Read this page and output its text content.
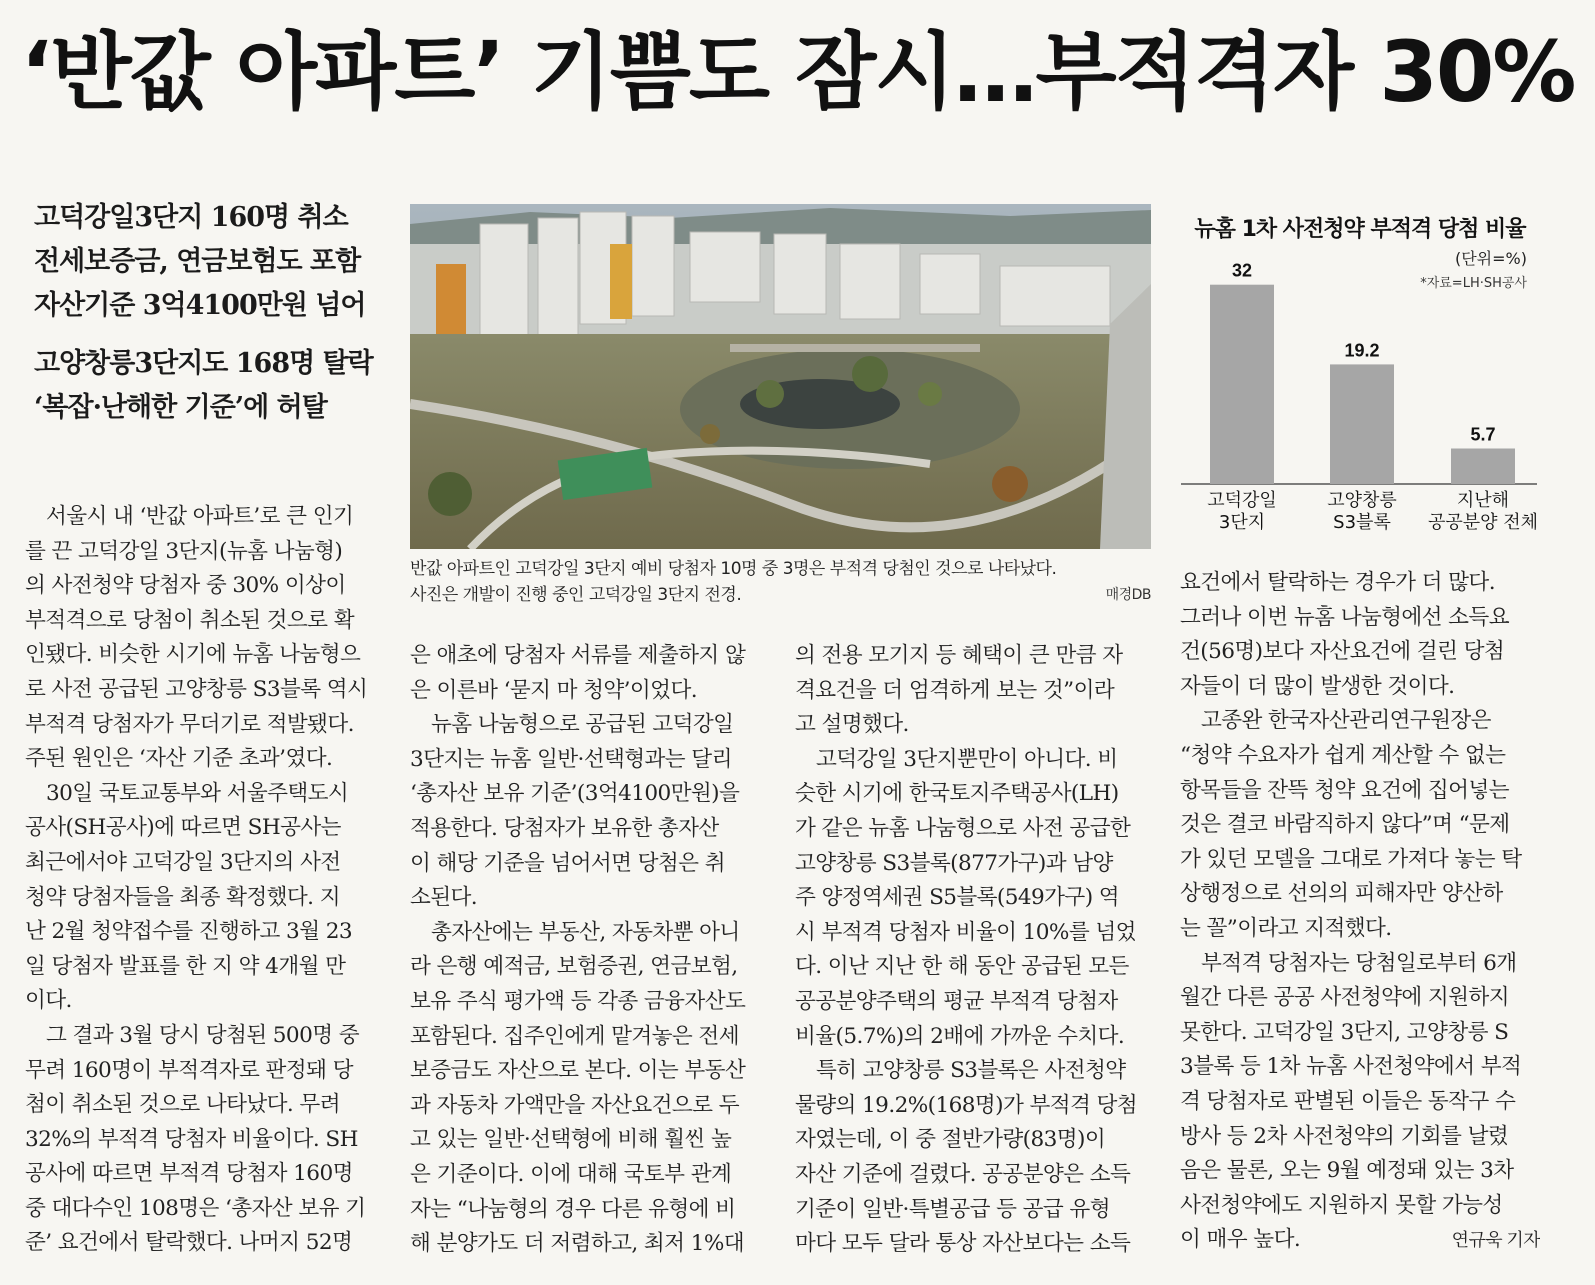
‘반값 아파트’ 기쁨도 잠시…부적격자 30%
고덕강일3단지 160명 취소
전세보증금, 연금보험도 포함
자산기준 3억4100만원 넘어
고양창릉3단지도 168명 탈락
‘복잡·난해한 기준’에 허탈
　서울시 내 ‘반값 아파트’로 큰 인기
를 끈 고덕강일 3단지(뉴홈 나눔형)
의 사전청약 당첨자 중 30% 이상이
부적격으로 당첨이 취소된 것으로 확
인됐다. 비슷한 시기에 뉴홈 나눔형으
로 사전 공급된 고양창릉 S3블록 역시
부적격 당첨자가 무더기로 적발됐다.
주된 원인은 ‘자산 기준 초과’였다.
　30일 국토교통부와 서울주택도시
공사(SH공사)에 따르면 SH공사는
최근에서야 고덕강일 3단지의 사전
청약 당첨자들을 최종 확정했다. 지
난 2월 청약접수를 진행하고 3월 23
일 당첨자 발표를 한 지 약 4개월 만
이다.
　그 결과 3월 당시 당첨된 500명 중
무려 160명이 부적격자로 판정돼 당
첨이 취소된 것으로 나타났다. 무려
32%의 부적격 당첨자 비율이다. SH
공사에 따르면 부적격 당첨자 160명
중 대다수인 108명은 ‘총자산 보유 기
준’ 요건에서 탈락했다. 나머지 52명
반값 아파트인 고덕강일 3단지 예비 당첨자 10명 중 3명은 부적격 당첨인 것으로 나타났다.
사진은 개발이 진행 중인 고덕강일 3단지 전경.	매경DB
뉴홈 1차 사전청약 부적격 당첨 비율
(단위=%)
*자료=LH·SH공사
32
고덕강일
3단지
19.2
고양창릉
S3블록
5.7
지난해
공공분양 전체
은 애초에 당첨자 서류를 제출하지 않
은 이른바 ‘묻지 마 청약’이었다.
　뉴홈 나눔형으로 공급된 고덕강일
3단지는 뉴홈 일반·선택형과는 달리
‘총자산 보유 기준’(3억4100만원)을
적용한다. 당첨자가 보유한 총자산
이 해당 기준을 넘어서면 당첨은 취
소된다.
　총자산에는 부동산, 자동차뿐 아니
라 은행 예적금, 보험증권, 연금보험,
보유 주식 평가액 등 각종 금융자산도
포함된다. 집주인에게 맡겨놓은 전세
보증금도 자산으로 본다. 이는 부동산
과 자동차 가액만을 자산요건으로 두
고 있는 일반·선택형에 비해 훨씬 높
은 기준이다. 이에 대해 국토부 관계
자는 “나눔형의 경우 다른 유형에 비
해 분양가도 더 저렴하고, 최저 1%대
의 전용 모기지 등 혜택이 큰 만큼 자
격요건을 더 엄격하게 보는 것”이라
고 설명했다.
　고덕강일 3단지뿐만이 아니다. 비
슷한 시기에 한국토지주택공사(LH)
가 같은 뉴홈 나눔형으로 사전 공급한
고양창릉 S3블록(877가구)과 남양
주 양정역세권 S5블록(549가구) 역
시 부적격 당첨자 비율이 10%를 넘었
다. 이난 지난 한 해 동안 공급된 모든
공공분양주택의 평균 부적격 당첨자
비율(5.7%)의 2배에 가까운 수치다.
　특히 고양창릉 S3블록은 사전청약
물량의 19.2%(168명)가 부적격 당첨
자였는데, 이 중 절반가량(83명)이
자산 기준에 걸렸다. 공공분양은 소득
기준이 일반·특별공급 등 공급 유형
마다 모두 달라 통상 자산보다는 소득
요건에서 탈락하는 경우가 더 많다.
그러나 이번 뉴홈 나눔형에선 소득요
건(56명)보다 자산요건에 걸린 당첨
자들이 더 많이 발생한 것이다.
　고종완 한국자산관리연구원장은
“청약 수요자가 쉽게 계산할 수 없는
항목들을 잔뜩 청약 요건에 집어넣는
것은 결코 바람직하지 않다”며 “문제
가 있던 모델을 그대로 가져다 놓는 탁
상행정으로 선의의 피해자만 양산하
는 꼴”이라고 지적했다.
　부적격 당첨자는 당첨일로부터 6개
월간 다른 공공 사전청약에 지원하지
못한다. 고덕강일 3단지, 고양창릉 S
3블록 등 1차 뉴홈 사전청약에서 부적
격 당첨자로 판별된 이들은 동작구 수
방사 등 2차 사전청약의 기회를 날렸
음은 물론, 오는 9월 예정돼 있는 3차
사전청약에도 지원하지 못할 가능성
이 매우 높다.	연규욱 기자
